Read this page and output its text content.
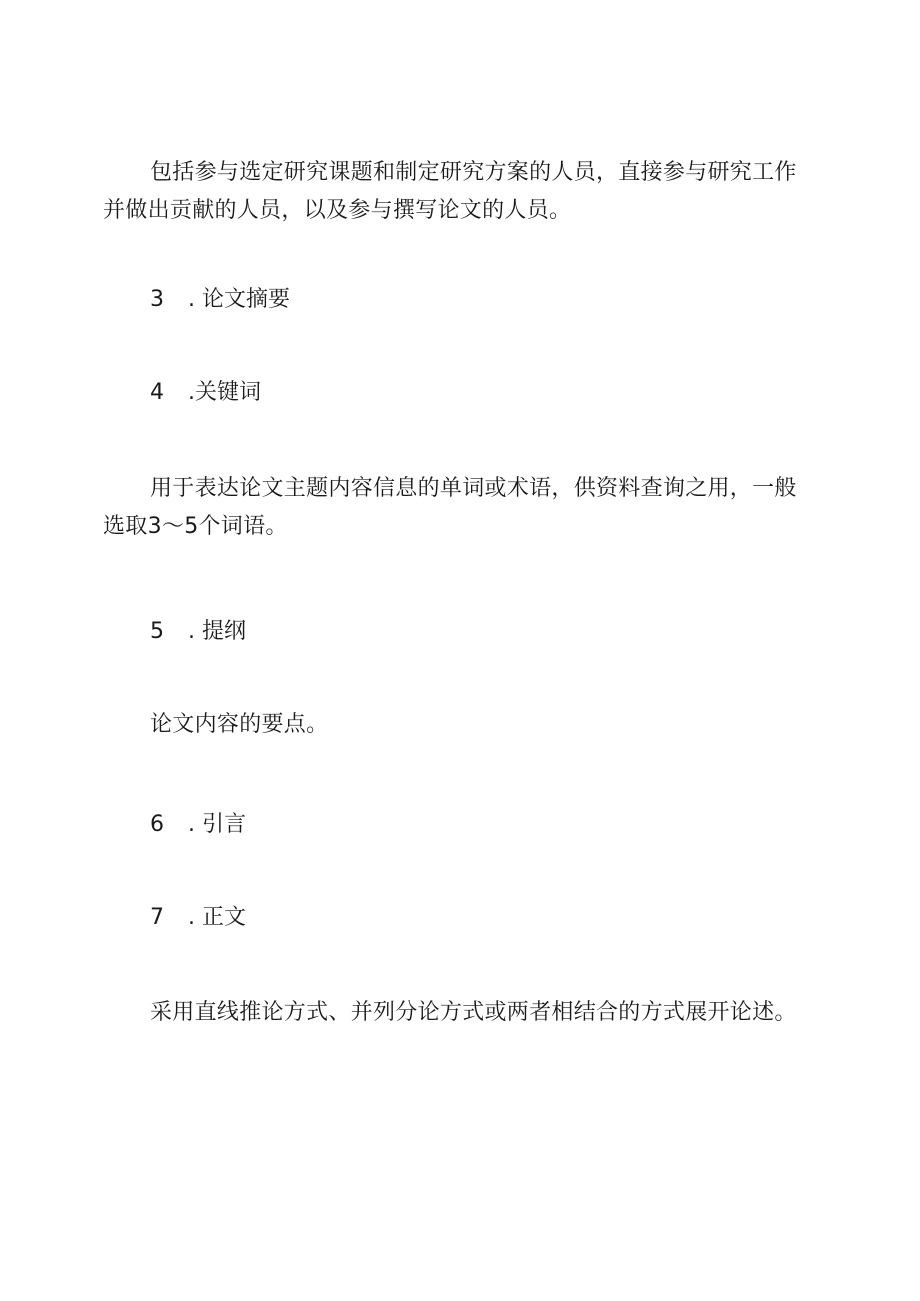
包括参与选定研究课题和制定研究方案的人员，直接参与研究工作并做出贡献的人员，以及参与撰写论文的人员。

3 . 论文摘要
4 .关键词

用于表达论文主题内容信息的单词或术语，供资料查询之用，一般选取3〜5个词语。

5 . 提纲

论文内容的要点。

6 . 引言
7 . 正文

采用直线推论方式、并列分论方式或两者相结合的方式展开论述。
